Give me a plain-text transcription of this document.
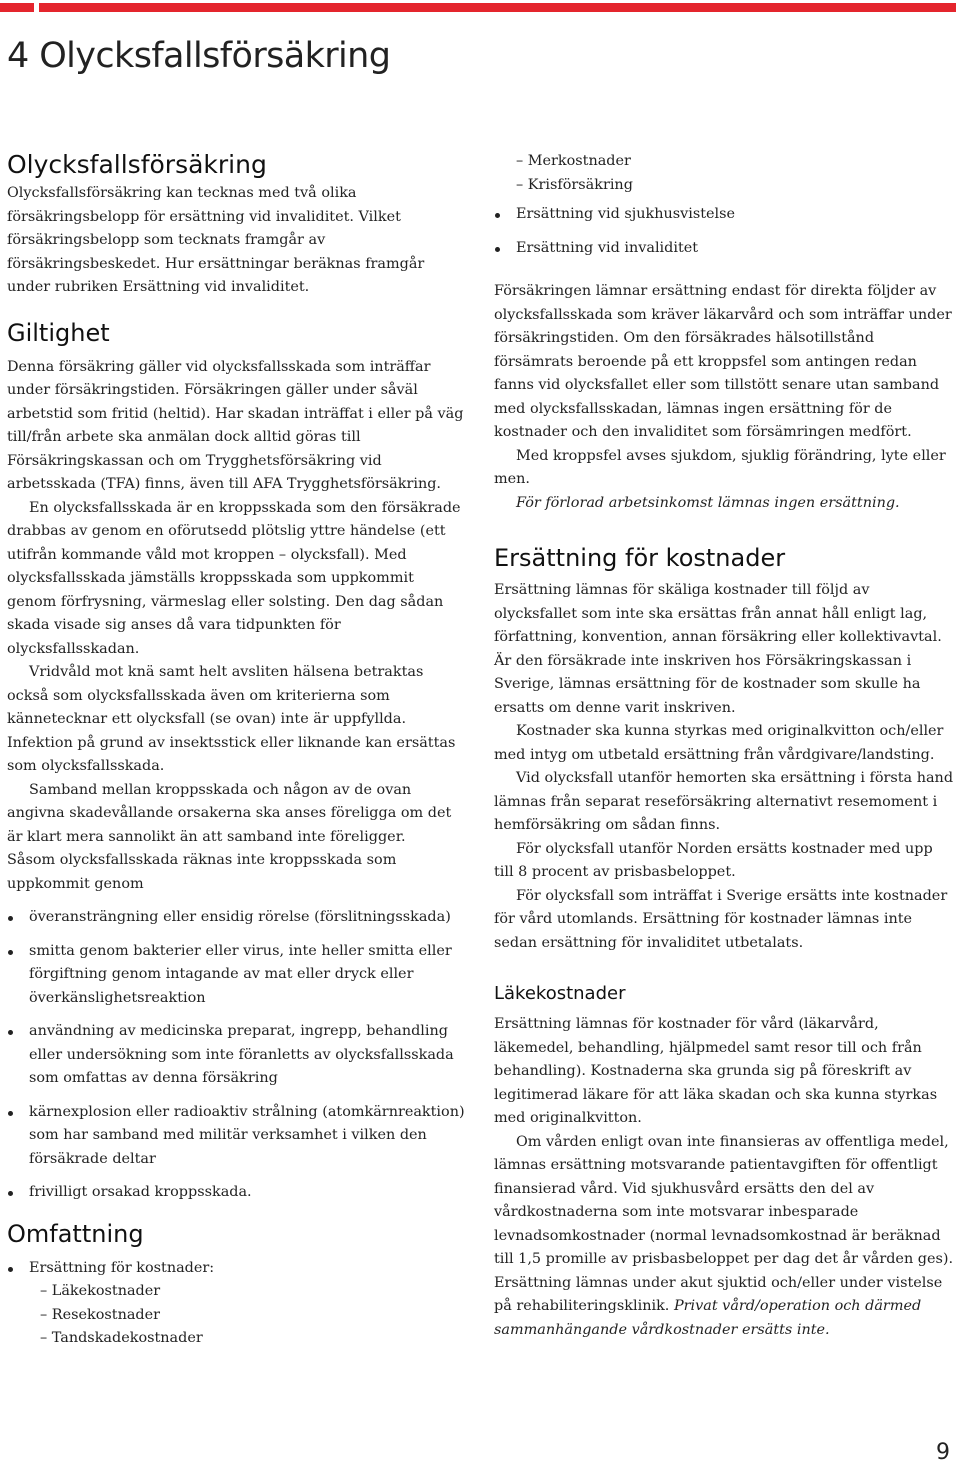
4 Olycksfallsförsäkring
Olycksfallsförsäkring

Olycksfallsförsäkring kan tecknas med två olika försäkringsbelopp för ersättning vid invaliditet. Vilket försäkringsbelopp som tecknats framgår av försäkringsbeskedet. Hur ersättningar beräknas framgår under rubriken Ersättning vid invaliditet.

Giltighet

Denna försäkring gäller vid olycksfallsskada som inträffar under försäkringstiden. Försäkringen gäller under såväl arbetstid som fritid (heltid). Har skadan inträffat i eller på väg till/från arbete ska anmälan dock alltid göras till Försäkringskassan och om Trygghetsförsäkring vid arbetsskada (TFA) finns, även till AFA Trygghetsförsäkring.

En olycksfallsskada är en kroppsskada som den försäkrade drabbas av genom en oförutsedd plötslig yttre händelse (ett utifrån kommande våld mot kroppen – olycksfall). Med olycksfallsskada jämställs kroppsskada som uppkommit genom förfrysning, värmeslag eller solsting. Den dag sådan skada visade sig anses då vara tidpunkten för olycksfallsskadan.

Vridvåld mot knä samt helt avsliten hälsena betraktas också som olycksfallsskada även om kriterierna som kännetecknar ett olycksfall (se ovan) inte är uppfyllda. Infektion på grund av insektsstick eller liknande kan ersättas som olycksfallsskada.

Samband mellan kroppsskada och någon av de ovan angivna skadevållande orsakerna ska anses föreligga om det är klart mera sannolikt än att samband inte föreligger.

Såsom olycksfallsskada räknas inte kroppsskada som uppkommit genom

överansträngning eller ensidig rörelse (förslitningsskada)
smitta genom bakterier eller virus, inte heller smitta eller förgiftning genom intagande av mat eller dryck eller överkänslighetsreaktion
användning av medicinska preparat, ingrepp, behandling eller undersökning som inte föranletts av olycksfallsskada som omfattas av denna försäkring
kärnexplosion eller radioaktiv strålning (atomkärnreaktion) som har samband med militär verksamhet i vilken den försäkrade deltar
frivilligt orsakad kroppsskada.
Omfattning
Ersättning för kostnader:
– Läkekostnader
– Resekostnader
– Tandskadekostnader
– Merkostnader
– Krisförsäkring
Ersättning vid sjukhusvistelse
Ersättning vid invaliditet

Försäkringen lämnar ersättning endast för direkta följder av olycksfallsskada som kräver läkarvård och som inträffar under försäkringstiden. Om den försäkrades hälsotillstånd försämrats beroende på ett kroppsfel som antingen redan fanns vid olycksfallet eller som tillstött senare utan samband med olycksfallsskadan, lämnas ingen ersättning för de kostnader och den invaliditet som försämringen medfört.

Med kroppsfel avses sjukdom, sjuklig förändring, lyte eller men.

För förlorad arbetsinkomst lämnas ingen ersättning.

Ersättning för kostnader

Ersättning lämnas för skäliga kostnader till följd av olycksfallet som inte ska ersättas från annat håll enligt lag, författning, konvention, annan försäkring eller kollektivavtal. Är den försäkrade inte inskriven hos Försäkringskassan i Sverige, lämnas ersättning för de kostnader som skulle ha ersatts om denne varit inskriven.

Kostnader ska kunna styrkas med originalkvitton och/eller med intyg om utbetald ersättning från vårdgivare/landsting.

Vid olycksfall utanför hemorten ska ersättning i första hand lämnas från separat reseförsäkring alternativt resemoment i hemförsäkring om sådan finns.

För olycksfall utanför Norden ersätts kostnader med upp till 8 procent av prisbasbeloppet.

För olycksfall som inträffat i Sverige ersätts inte kostnader för vård utomlands. Ersättning för kostnader lämnas inte sedan ersättning för invaliditet utbetalats.

Läkekostnader

Ersättning lämnas för kostnader för vård (läkarvård, läkemedel, behandling, hjälpmedel samt resor till och från behandling). Kostnaderna ska grunda sig på föreskrift av legitimerad läkare för att läka skadan och ska kunna styrkas med originalkvitton.

Om vården enligt ovan inte finansieras av offentliga medel, lämnas ersättning motsvarande patientavgiften för offentligt finansierad vård. Vid sjukhusvård ersätts den del av vårdkostnaderna som inte motsvarar inbesparade levnadsomkostnader (normal levnadsomkostnad är beräknad till 1,5 promille av prisbasbeloppet per dag det år vården ges). Ersättning lämnas under akut sjuktid och/eller under vistelse på rehabiliteringsklinik. Privat vård/operation och därmed sammanhängande vårdkostnader ersätts inte.

9
